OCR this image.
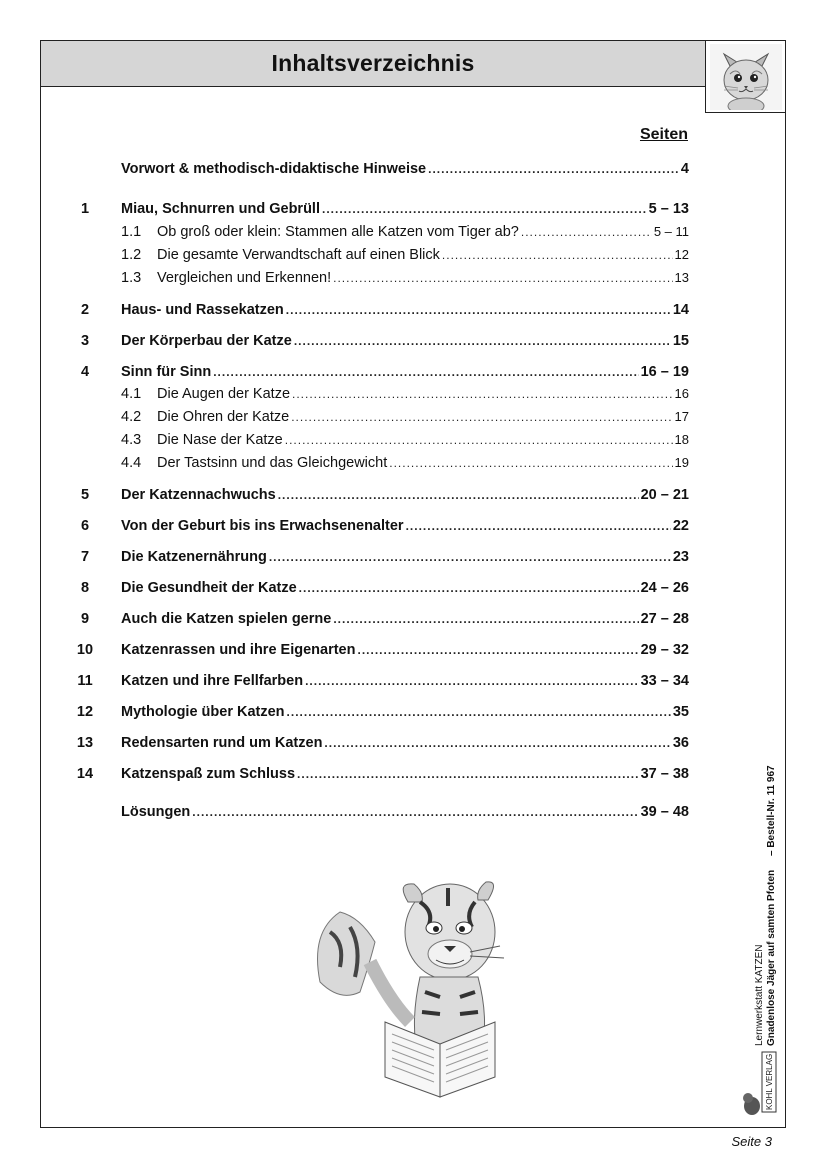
Inhaltsverzeichnis
Seiten
Vorwort & methodisch-didaktische Hinweise .....	4
1	Miau, Schnurren und Gebrüll .....	5 – 13
1.1	Ob groß oder klein: Stammen alle Katzen vom Tiger ab? .....	5 – 11
1.2	Die gesamte Verwandtschaft auf einen Blick .....	12
1.3	Vergleichen und Erkennen! .....	13
2	Haus- und Rassekatzen .....	14
3	Der Körperbau der Katze .....	15
4	Sinn für Sinn .....	16 – 19
4.1	Die Augen der Katze .....	16
4.2	Die Ohren der Katze .....	17
4.3	Die Nase der Katze .....	18
4.4	Der Tastsinn und das Gleichgewicht .....	19
5	Der Katzennachwuchs .....	20 – 21
6	Von der Geburt bis ins Erwachsenenalter .....	22
7	Die Katzenernährung .....	23
8	Die Gesundheit der Katze .....	24 – 26
9	Auch die Katzen spielen gerne .....	27 – 28
10	Katzenrassen und ihre Eigenarten .....	29 – 32
11	Katzen und ihre Fellfarben .....	33 – 34
12	Mythologie über Katzen .....	35
13	Redensarten rund um Katzen .....	36
14	Katzenspaß zum Schluss .....	37 – 38
Lösungen .....	39 – 48
Lernwerkstatt KATZEN Gnadenlose Jäger auf samten Pfoten
– Bestell-Nr. 11 967
KOHL VERLAG
Seite 3
